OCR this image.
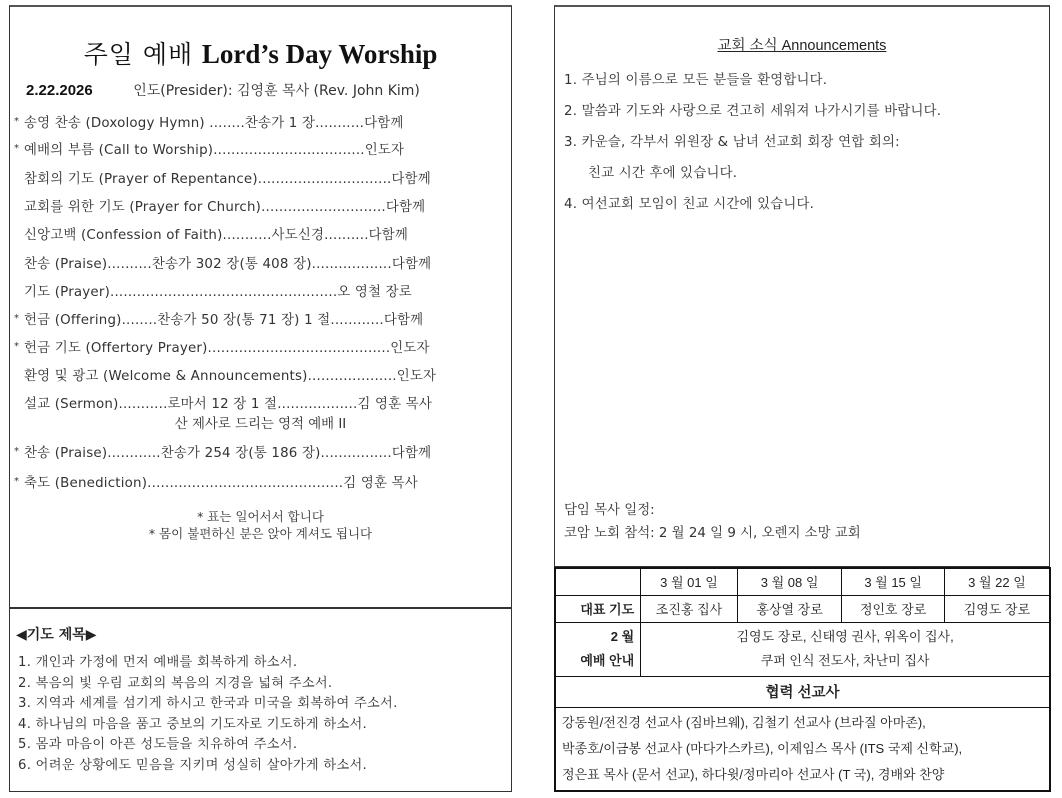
주일 예배 Lord’s Day Worship
2.22.2026	인도(Presider): 김영훈 목사 (Rev. John Kim)
* 송영 찬송 (Doxology Hymn) ........찬송가 1 장...........다함께
* 예배의 부름 (Call to Worship)..................................인도자
참회의 기도 (Prayer of Repentance)..............................다함께
교회를 위한 기도 (Prayer for Church)............................다함께
신앙고백 (Confession of Faith)...........사도신경..........다함께
찬송 (Praise)..........찬송가 302 장(통 408 장)..................다함께
기도 (Prayer)...................................................오 영철 장로
* 헌금 (Offering)........찬송가 50 장(통 71 장) 1 절............다함께
* 헌금 기도 (Offertory Prayer).........................................인도자
환영 및 광고 (Welcome & Announcements)....................인도자
설교 (Sermon)...........로마서 12 장 1 절..................김 영훈 목사
산 제사로 드리는 영적 예배 II
* 찬송 (Praise)............찬송가 254 장(통 186 장)................다함께
* 축도 (Benediction)............................................김 영훈 목사
* 표는 일어서서 합니다
* 몸이 불편하신 분은 앉아 계셔도 됩니다
◀기도 제목▶
1. 개인과 가정에 먼저 예배를 회복하게 하소서.
2. 복음의 빛 우림 교회의 복음의 지경을 넓혀 주소서.
3. 지역과 세계를 섬기게 하시고 한국과 미국을 회복하여 주소서.
4. 하나님의 마음을 품고 중보의 기도자로 기도하게 하소서.
5. 몸과 마음이 아픈 성도들을 치유하여 주소서.
6. 어려운 상황에도 믿음을 지키며 성실히 살아가게 하소서.
교회 소식 Announcements
1. 주님의 이름으로 모든 분들을 환영합니다.
2. 말씀과 기도와 사랑으로 견고히 세워져 나가시기를 바랍니다.
3. 카운슬, 각부서 위원장 & 남녀 선교회 회장 연합 회의:
친교 시간 후에 있습니다.
4. 여선교회 모임이 친교 시간에 있습니다.
담임 목사 일정:
코암 노회 참석: 2 월 24 일 9 시, 오렌지 소망 교회
	3 월 01 일	3 월 08 일	3 월 15 일	3 월 22 일
대표 기도	조진홍 집사	홍상열 장로	정인호 장로	김영도 장로

2 월
예배 안내

김영도 장로, 신태영 권사, 위옥이 집사,
쿠퍼 인식 전도사, 차난미 집사

협력 선교사				

강동원/전진경 선교사 (짐바브웨), 김철기 선교사 (브라질 아마존),
박종호/이금봉 선교사 (마다가스카르), 이제임스 목사 (ITS 국제 신학교),
정은표 목사 (문서 선교), 하다윗/정마리아 선교사 (T 국), 경배와 찬양				
